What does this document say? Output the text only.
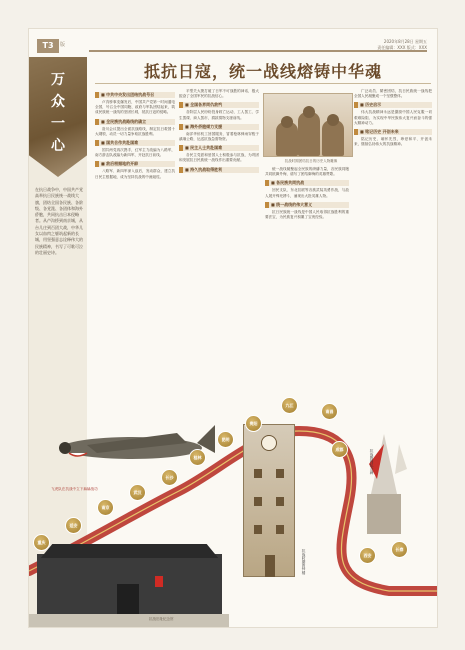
T3	版
2020年8月28日 星期五
责任编辑：XXX 版式：XXX
万众一心
在抗日战争中，中国共产党高举抗日民族统一战线大旗，团结全国各民族、各阶级、各党派、各团体和海外侨胞，共同抗击日本侵略者。从卢沟桥到南京城，从台儿庄到百团大战，中华儿女以血肉之躯筑起新的长城，用坚强意志诠释伟大的民族精神，书写了可歌可泣的壮丽史诗。
抵抗日寇，统一战线熔铸中华魂
■ 中共中央发出团结抗战号召

卢沟桥事变爆发后，中国共产党第一时间通电全国，号召全中国同胞、政府与军队团结起来，筑成民族统一战线的坚固长城，抵抗日寇的侵略。

■ 全民族抗战路线的确立

洛川会议提出全面抗战路线，制定抗日救国十大纲领，动员一切力量争取抗战胜利。

■ 国共合作共赴国难

国共两党再次携手，红军主力改编为八路军，南方游击队改编为新四军，开赴抗日前线。

■ 敌后根据地的开辟

八路军、新四军深入敌后，发动群众，建立抗日民主根据地，成为坚持抗战的中流砥柱。

平型关大捷打破了日军不可战胜的神话，极大振奋了全国军民的抗战信心。

■ 全国各界同仇敌忾

各阶层人民纷纷投身救亡运动，工人罢工、学生罢课、商人罢市，捐款捐物支援前线。

■ 海外侨胞倾力支援

南洋华侨机工回国服务，冒着枪林弹雨穿梭于滇缅公路，运送抗战急需物资。

■ 民主人士共赴国难

各民主党派和爱国人士积极参与抗战，为巩固和发展抗日民族统一战线作出重要贡献。

■ 持久抗战取得胜利
抗战时期团结抗日的历史人物雕像

统一战线凝聚起全民族的磅礴力量，各民族同胞共同抵御外侮，谱写了团结御侮的英雄赞歌。

■ 各民族共同抗战

回民支队、东北抗联等各族武装英勇作战，与敌人展开殊死搏斗，涌现出大批英雄人物。

■ 统一战线的伟大意义

抗日民族统一战线是中国人民取得抗战胜利的重要法宝，为民族复兴积累了宝贵经验。

广泛动员、紧密团结，抗日民族统一战线把全国人民凝聚成一个坚强整体。

■ 历史启示

伟大抗战精神永远是激励中国人民克服一切艰难险阻、为实现中华民族伟大复兴而奋斗的强大精神动力。

■ 铭记历史 开创未来

铭记历史、缅怀先烈，珍爱和平、开创未来，继续弘扬伟大的抗战精神。

飞虎队在抗战中立下赫赫战功
抗战时期的钟楼
抗战胜利纪念碑
抗战旧址纪念馆
重庆
延安
南京
武汉
长沙
桂林
昆明
贵阳
九江
南昌
成都
西安
长春
